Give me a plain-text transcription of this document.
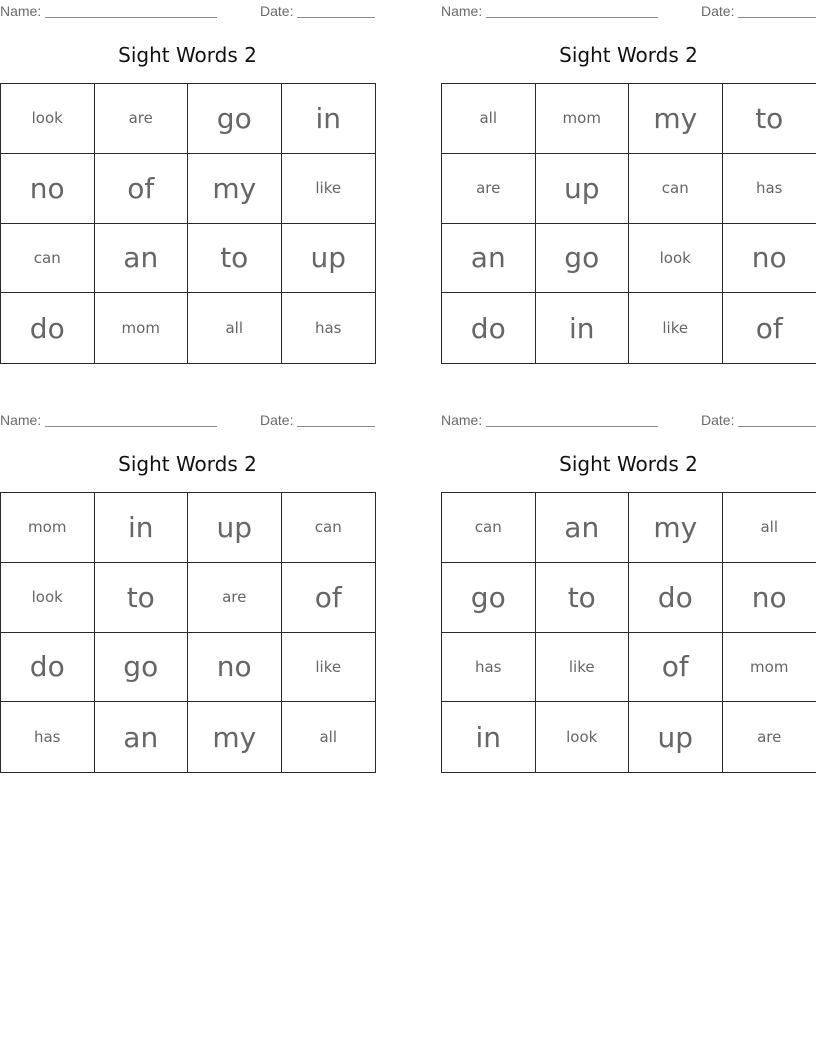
Name:	Date:
Sight Words 2
look	are	go	in
no	of	my	like
can	an	to	up
do	mom	all	has
Name:	Date:
Sight Words 2
all	mom	my	to
are	up	can	has
an	go	look	no
do	in	like	of
Name:	Date:
Sight Words 2
mom	in	up	can
look	to	are	of
do	go	no	like
has	an	my	all
Name:	Date:
Sight Words 2
can	an	my	all
go	to	do	no
has	like	of	mom
in	look	up	are
